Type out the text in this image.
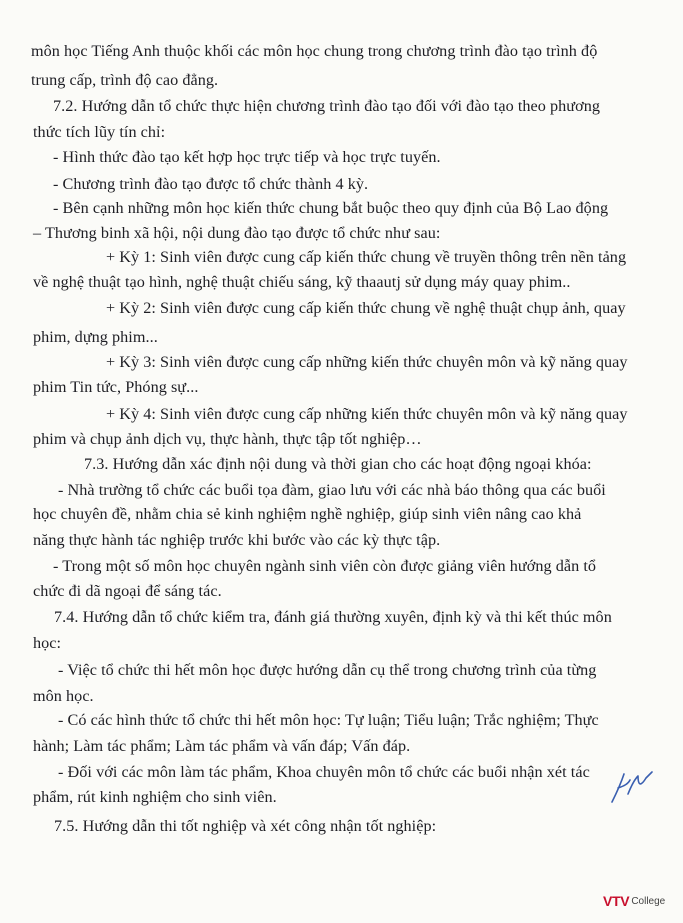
môn học Tiếng Anh thuộc khối các môn học chung trong chương trình đào tạo trình độ
trung cấp, trình độ cao đẳng.
7.2. Hướng dẫn tổ chức thực hiện chương trình đào tạo đối với đào tạo theo phương
thức tích lũy tín chỉ:
- Hình thức đào tạo kết hợp học trực tiếp và học trực tuyến.
- Chương trình đào tạo được tổ chức thành 4 kỳ.
- Bên cạnh những môn học kiến thức chung bắt buộc theo quy định của Bộ Lao động
– Thương binh xã hội, nội dung đào tạo được tổ chức như sau:
+ Kỳ 1: Sinh viên được cung cấp kiến thức chung về truyền thông trên nền tảng
về nghệ thuật tạo hình, nghệ thuật chiếu sáng, kỹ thaautj sử dụng máy quay phim..
+ Kỳ 2: Sinh viên được cung cấp kiến thức chung về nghệ thuật chụp ảnh, quay
phim, dựng phim...
+ Kỳ 3: Sinh viên được cung cấp những kiến thức chuyên môn và kỹ năng quay
phim Tin tức, Phóng sự...
+ Kỳ 4: Sinh viên được cung cấp những kiến thức chuyên môn và kỹ năng quay
phim và chụp ảnh dịch vụ, thực hành, thực tập tốt nghiệp…
7.3. Hướng dẫn xác định nội dung và thời gian cho các hoạt động ngoại khóa:
- Nhà trường tổ chức các buổi tọa đàm, giao lưu với các nhà báo thông qua các buổi
học chuyên đề, nhằm chia sẻ kinh nghiệm nghề nghiệp, giúp sinh viên nâng cao khả
năng thực hành tác nghiệp trước khi bước vào các kỳ thực tập.
- Trong một số môn học chuyên ngành sinh viên còn được giảng viên hướng dẫn tổ
chức đi dã ngoại để sáng tác.
7.4. Hướng dẫn tổ chức kiểm tra, đánh giá thường xuyên, định kỳ và thi kết thúc môn
học:
- Việc tổ chức thi hết môn học được hướng dẫn cụ thể trong chương trình của từng
môn học.
- Có các hình thức tổ chức thi hết môn học: Tự luận; Tiểu luận; Trắc nghiệm; Thực
hành; Làm tác phẩm; Làm tác phẩm và vấn đáp; Vấn đáp.
- Đối với các môn làm tác phẩm, Khoa chuyên môn tổ chức các buổi nhận xét tác
phẩm, rút kinh nghiệm cho sinh viên.
7.5. Hướng dẫn thi tốt nghiệp và xét công nhận tốt nghiệp:
VTV College
